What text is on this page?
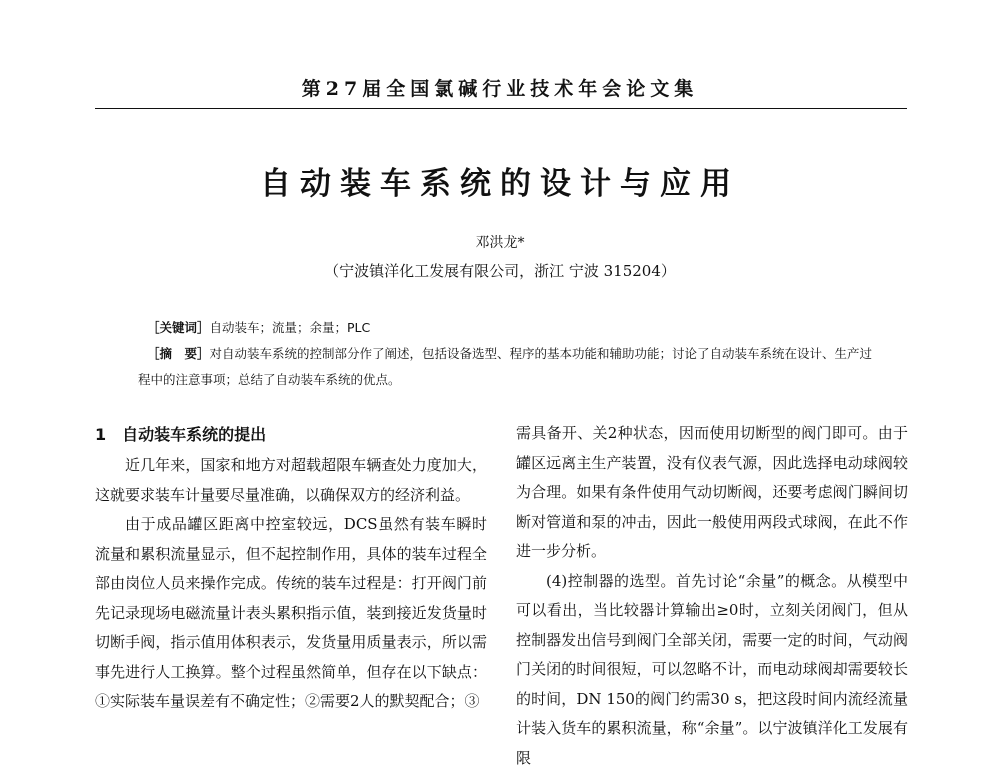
第27届全国氯碱行业技术年会论文集
自动装车系统的设计与应用
邓洪龙*
（宁波镇洋化工发展有限公司，浙江 宁波 315204）

［关键词］自动装车；流量；余量；PLC

［摘　要］对自动装车系统的控制部分作了阐述，包括设备选型、程序的基本功能和辅助功能；讨论了自动装车系统在设计、生产过程中的注意事项；总结了自动装车系统的优点。

1 自动装车系统的提出

近几年来，国家和地方对超载超限车辆查处力度加大，这就要求装车计量要尽量准确，以确保双方的经济利益。

由于成品罐区距离中控室较远，DCS虽然有装车瞬时流量和累积流量显示，但不起控制作用，具体的装车过程全部由岗位人员来操作完成。传统的装车过程是：打开阀门前先记录现场电磁流量计表头累积指示值，装到接近发货量时切断手阀，指示值用体积表示，发货量用质量表示，所以需事先进行人工换算。整个过程虽然简单，但存在以下缺点：①实际装车量误差有不确定性；②需要2人的默契配合；③

需具备开、关2种状态，因而使用切断型的阀门即可。由于罐区远离主生产装置，没有仪表气源，因此选择电动球阀较为合理。如果有条件使用气动切断阀，还要考虑阀门瞬间切断对管道和泵的冲击，因此一般使用两段式球阀，在此不作进一步分析。

(4)控制器的选型。首先讨论“余量”的概念。从模型中可以看出，当比较器计算输出≥0时，立刻关闭阀门，但从控制器发出信号到阀门全部关闭，需要一定的时间，气动阀门关闭的时间很短，可以忽略不计，而电动球阀却需要较长的时间，DN 150的阀门约需30 s，把这段时间内流经流量计装入货车的累积流量，称“余量”。以宁波镇洋化工发展有限
